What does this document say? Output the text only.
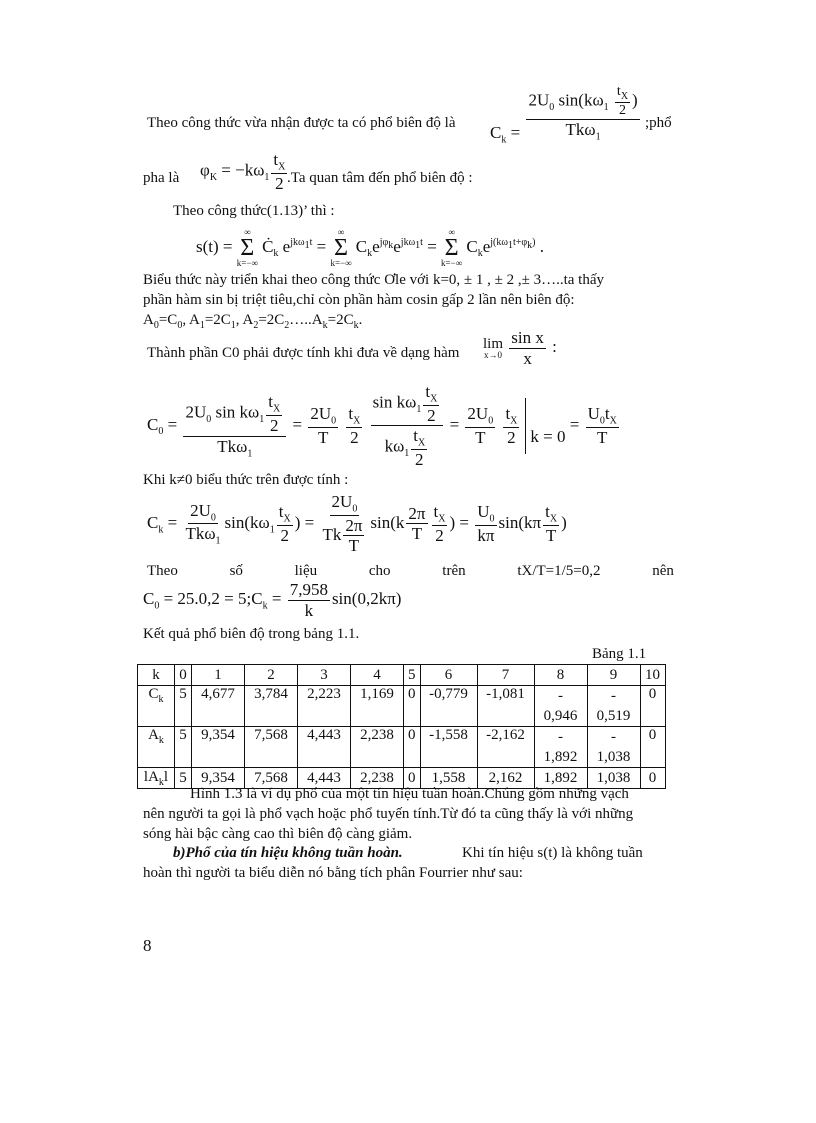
Theo công thức vừa nhận được ta có phổ biên độ là $C_k$ =
$2U_0$ $\sin(k\omega_1 \frac{t_X}{2}$ )
Tkω$_1$
;phổ
pha là $\varphi_K = -k\omega_1 \frac{t_X}{2} .Ta$ quan tâm đến phổ biên độ :
Theo công thức(1.13)’ thì :
s(t) =
∞
Σ
k=−∞
$Ċ_k$ $e^{jk\omega_1t}$ =
∞
Σ
k=−∞
$C_ke^{j\varphi_k}e^{jk\omega_1t}$ =
∞
Σ
k=−∞
$C_ke^{j(k\omega_1t+\varphi_k)}$ .
Biểu thức này triển khai theo công thức Ơle với k=0, ± 1 , ± 2 ,± 3…..ta thấy
phần hàm sin bị triệt tiêu,chỉ còn phần hàm cosin gấp 2 lần nên biên độ:
$A_0=C_0$, $A_1=2C_1$, $A_2=2C_2\dots..A_k=2C_k$.
Thành phần C0 phải được tính khi đưa về dạng hàm
lim
x→0
$\frac{\text{sin x}}{x}$ :
$C_0$ =
$2U_0$ $\sin k\omega_1 \frac{t_X}{2}$
Tkω$_1$
= $\frac{2U_0}{T}$
$\frac{t_X}{2}$
$\frac{\sin k\omega_1 \frac{t_X}{2}}{k\omega_1 \frac{t_X}{2}} = \frac{2U_0}{T}$
$\frac{t_X}{2}$ $k = 0 = \frac{U_0t_X}{T}$
Khi k≠0 biểu thức trên được tính :
$C_k$ =
$2U_0$
Tkω$_1$
$\sin(k\omega_1 \frac{t_X}{2}$ ) = $\frac{2U_0}{Tk \frac{2\pi}{T}} \sin(k \frac{2\pi}{T} \frac{t_X}{2}$ ) = $\frac{U_0}{k\pi} \sin(k\pi \frac{t_X}{T}$ )
Theo	số	liệu	cho	trên	tX/T=1/5=0,2	nên
$C_0 = 25.0,2$ = $5;C_k = \frac{7,958}{k} \sin(0,2k\pi)$
Kết quả phổ biên độ trong bảng 1.1.
Bảng 1.1
k	0	1	2	3	4	5	6	7	8	9	10
$C_k$	5	4,677	3,784	2,223	1,169	0	-0,779	-1,081	-
0,946	-
0,519	0
$A_k$	5	9,354	7,568	4,443	2,238	0	-1,558	-2,162	-
1,892	-
1,038	0
$lA_kl$	5	9,354	7,568	4,443	2,238	0	1,558	2,162	1,892	1,038	0
Hình 1.3 là ví dụ phổ của một tín hiệu tuần hoàn.Chúng gồm những vạch
nên người ta gọi là phổ vạch hoặc phổ tuyến tính.Từ đó ta cũng thấy là với những
sóng hài bậc càng cao thì biên độ càng giảm.
b)Phổ của tín hiệu không tuần hoàn.	Khi tín hiệu s(t) là không tuần
hoàn thì người ta biểu diễn nó bằng tích phân Fourrier như sau:
8
